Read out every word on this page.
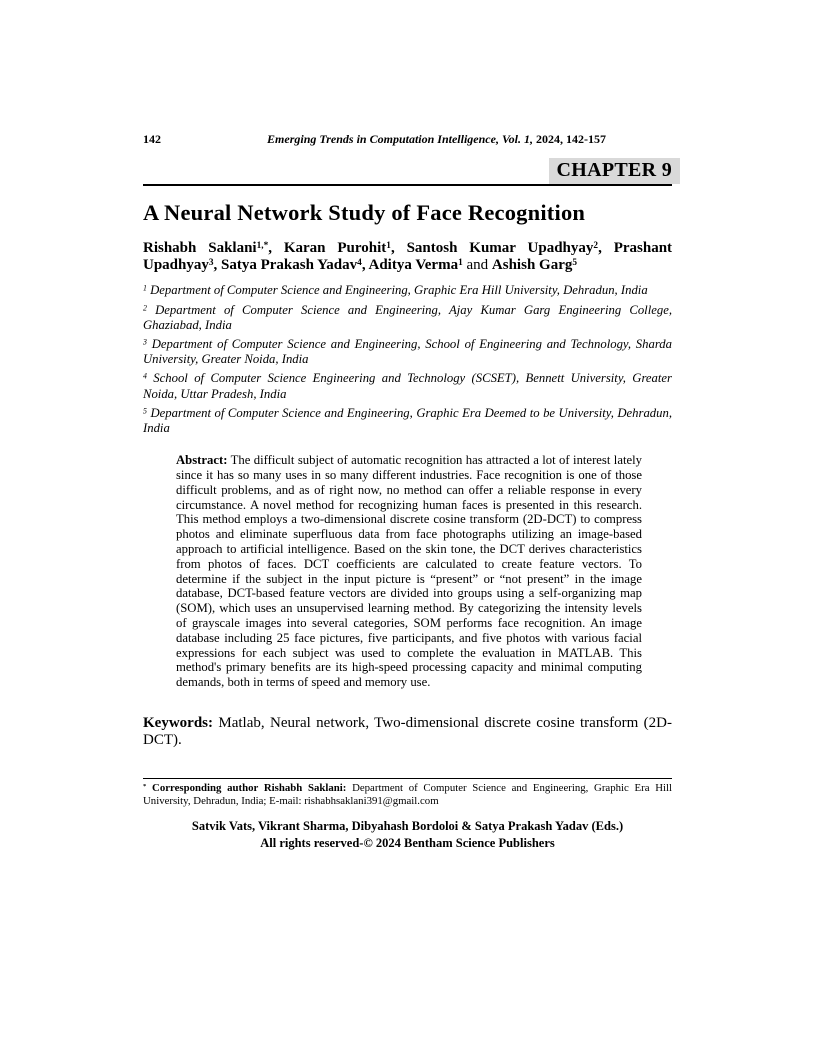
142	Emerging Trends in Computation Intelligence, Vol. 1, 2024, 142-157
CHAPTER 9
A Neural Network Study of Face Recognition

Rishabh Saklani$^{1,*}$, Karan Purohit$^1$, Santosh Kumar Upadhyay$^2$, Prashant Upadhyay$^3$, Satya Prakash Yadav$^4$, Aditya Verma$^1$ and Ashish Garg$^5$

$^1$ Department of Computer Science and Engineering, Graphic Era Hill University, Dehradun, India

$^2$ Department of Computer Science and Engineering, Ajay Kumar Garg Engineering College, Ghaziabad, India

$^3$ Department of Computer Science and Engineering, School of Engineering and Technology, Sharda University, Greater Noida, India

$^4$ School of Computer Science Engineering and Technology (SCSET), Bennett University, Greater Noida, Uttar Pradesh, India

$^5$ Department of Computer Science and Engineering, Graphic Era Deemed to be University, Dehradun, India

Abstract: The difficult subject of automatic recognition has attracted a lot of interest lately since it has so many uses in so many different industries. Face recognition is one of those difficult problems, and as of right now, no method can offer a reliable response in every circumstance. A novel method for recognizing human faces is presented in this research. This method employs a two-dimensional discrete cosine transform (2D-DCT) to compress photos and eliminate superfluous data from face photographs utilizing an image-based approach to artificial intelligence. Based on the skin tone, the DCT derives characteristics from photos of faces. DCT coefficients are calculated to create feature vectors. To determine if the subject in the input picture is “present” or “not present” in the image database, DCT-based feature vectors are divided into groups using a self-organizing map (SOM), which uses an unsupervised learning method. By categorizing the intensity levels of grayscale images into several categories, SOM performs face recognition. An image database including 25 face pictures, five participants, and five photos with various facial expressions for each subject was used to complete the evaluation in MATLAB. This method's primary benefits are its high-speed processing capacity and minimal computing demands, both in terms of speed and memory use.

Keywords: Matlab, Neural network, Two-dimensional discrete cosine transform (2D-DCT).

* Corresponding author Rishabh Saklani: Department of Computer Science and Engineering, Graphic Era Hill University, Dehradun, India; E-mail: rishabhsaklani391@gmail.com

Satvik Vats, Vikrant Sharma, Dibyahash Bordoloi & Satya Prakash Yadav (Eds.)
All rights reserved-© 2024 Bentham Science Publishers
